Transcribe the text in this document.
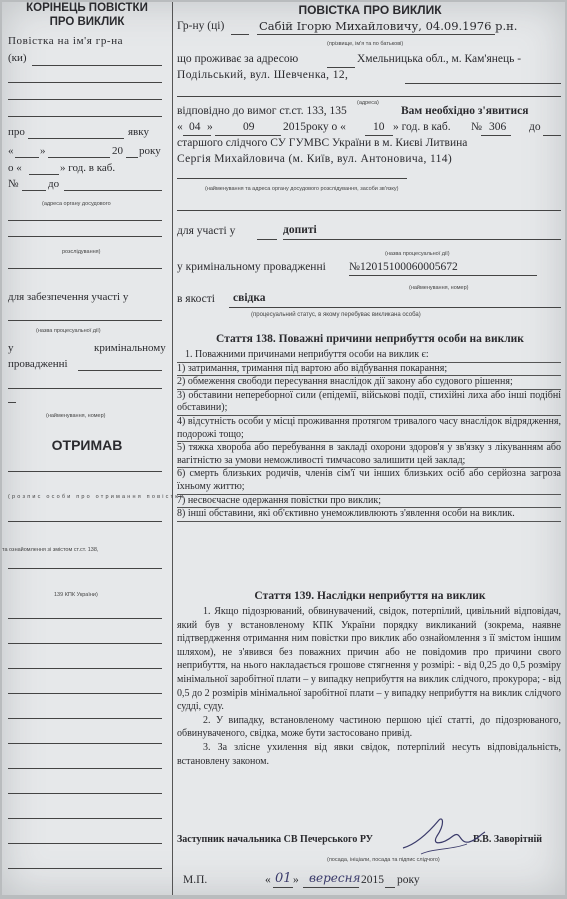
КОРІНЕЦЬ ПОВІСТКИ
ПРО ВИКЛИК
Повістка на ім'я гр-на
(ки)
про	явку
« »	20 року
о «	» год. в каб.
№	до
(адреса органу досудового
розслідування)
для забезпечення участі у
(назва процесуальної дії)
у	кримінальному
провадженні
(найменування, номер)
ОТРИМАВ
(розпис особи про отримання повістки
та ознайомлення зі змістом ст.ст. 138,
139 КПК України)
ПОВІСТКА ПРО ВИКЛИК
Гр-ну (ці)	Сабій Ігорю Михайловичу, 04.09.1976 р.н.
(прізвище, ім'я та по батькові)
що проживає за адресою	Хмельницька обл., м. Кам'янець -
Подільський, вул. Шевченка, 12,
(адреса)
відповідно до вимог ст.ст. 133, 135	Вам необхідно з'явитися
« 04 »	09 2015року о « 10 » год. в каб. № 306 до
старшого слідчого СУ ГУМВС України в м. Києві Литвина
Сергія Михайловича (м. Київ, вул. Антоновича, 114)
(найменування та адреса органу досудового розслідування, засоби зв'язку)
для участі у	допиті
(назва процесуальної дії)
у кримінальному провадженні №12015100060005672
(найменування, номер)
в якості свідка
(процесуальний статус, в якому перебуває викликана особа)
Стаття 138. Поважні причини неприбуття особи на виклик

1. Поважними причинами неприбуття особи на виклик є:

1) затримання, тримання під вартою або відбування покарання;

2) обмеження свободи пересування внаслідок дії закону або судового рішення;

3) обставини непереборної сили (епідемії, військові події, стихійні лиха або інші подібні обставини);

4) відсутність особи у місці проживання протягом тривалого часу внаслідок відрядження, подорожі тощо;

5) тяжка хвороба або перебування в закладі охорони здоров'я у зв'язку з лікуванням або вагітністю за умови неможливості тимчасово залишити цей заклад;

6) смерть близьких родичів, членів сім'ї чи інших близьких осіб або серйозна загроза їхньому життю;

7) несвоєчасне одержання повістки про виклик;

8) інші обставини, які об'єктивно унеможливлюють з'явлення особи на виклик.

Стаття 139. Наслідки неприбуття на виклик

1. Якщо підозрюваний, обвинувачений, свідок, потерпілий, цивільний відповідач, який був у встановленому КПК України порядку викликаний (зокрема, наявне підтвердження отримання ним повістки про виклик або ознайомлення з її змістом іншим шляхом), не з'явився без поважних причин або не повідомив про причини свого неприбуття, на нього накладається грошове стягнення у розмірі: - від 0,25 до 0,5 розміру мінімальної заробітної плати – у випадку неприбуття на виклик слідчого, прокурора; - від 0,5 до 2 розмірів мінімальної заробітної плати – у випадку неприбуття на виклик слідчого судді, суду.

2. У випадку, встановленому частиною першою цієї статті, до підозрюваного, обвинуваченого, свідка, може бути застосовано привід.

3. За злісне ухилення від явки свідок, потерпілий несуть відповідальність, встановлену законом.

Заступник начальника СВ Печерського РУ	В.В. Заворітній
(посада, ініціали, посада та підпис слідчого)
М.П.	« 01 » вересня 2015 року
